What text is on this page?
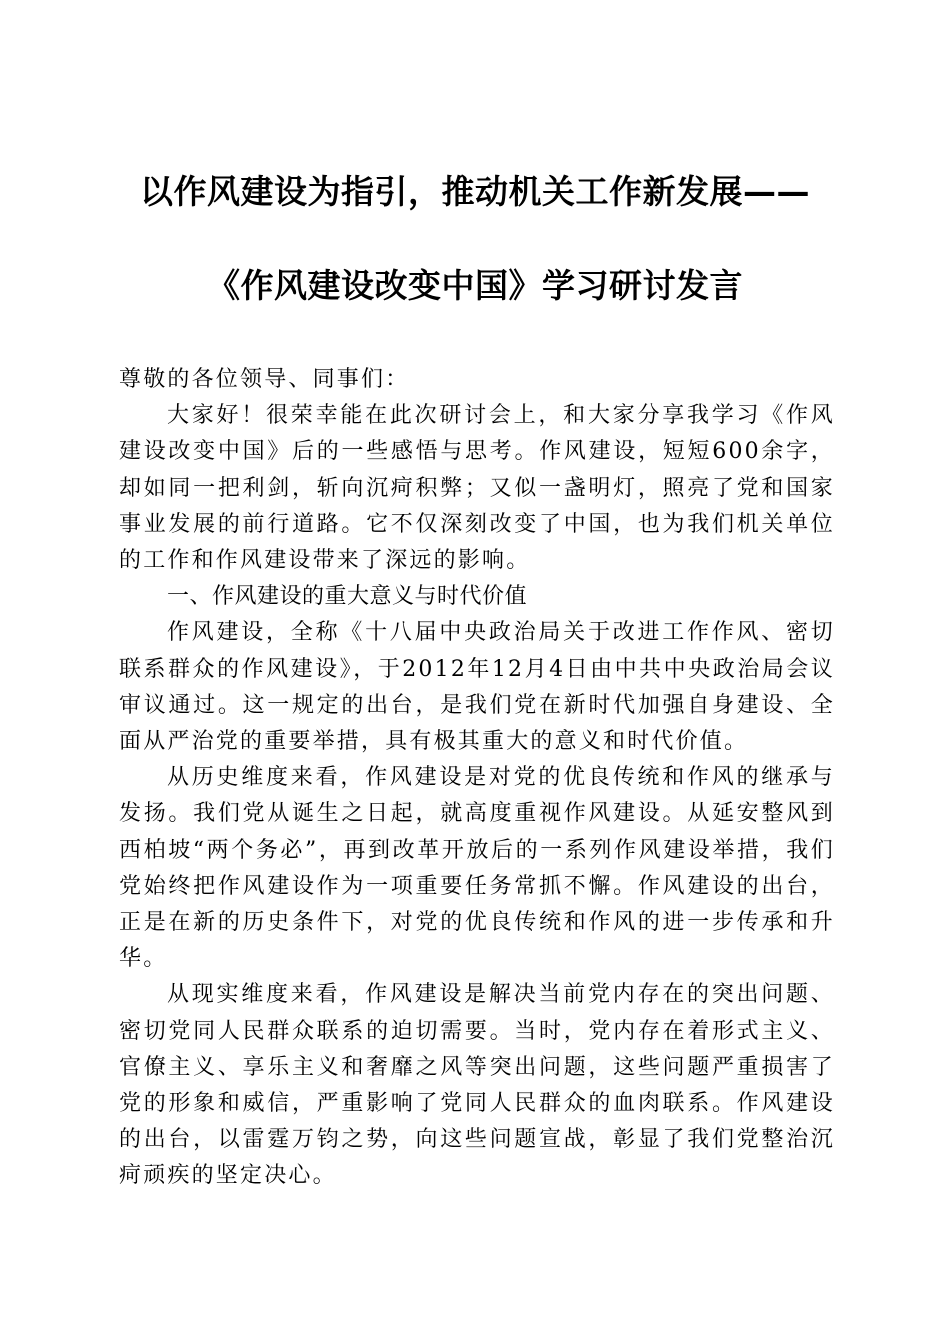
以作风建设为指引，推动机关工作新发展——
《作风建设改变中国》学习研讨发言

尊敬的各位领导、同事们：

大家好！很荣幸能在此次研讨会上，和大家分享我学习《作风建设改变中国》后的一些感悟与思考。作风建设，短短600余字，却如同一把利剑，斩向沉疴积弊；又似一盏明灯，照亮了党和国家事业发展的前行道路。它不仅深刻改变了中国，也为我们机关单位的工作和作风建设带来了深远的影响。

一、作风建设的重大意义与时代价值

作风建设，全称《十八届中央政治局关于改进工作作风、密切联系群众的作风建设》，于2012年12月4日由中共中央政治局会议审议通过。这一规定的出台，是我们党在新时代加强自身建设、全面从严治党的重要举措，具有极其重大的意义和时代价值。

从历史维度来看，作风建设是对党的优良传统和作风的继承与发扬。我们党从诞生之日起，就高度重视作风建设。从延安整风到西柏坡“两个务必”，再到改革开放后的一系列作风建设举措，我们党始终把作风建设作为一项重要任务常抓不懈。作风建设的出台，正是在新的历史条件下，对党的优良传统和作风的进一步传承和升华。

从现实维度来看，作风建设是解决当前党内存在的突出问题、密切党同人民群众联系的迫切需要。当时，党内存在着形式主义、官僚主义、享乐主义和奢靡之风等突出问题，这些问题严重损害了党的形象和威信，严重影响了党同人民群众的血肉联系。作风建设的出台，以雷霆万钧之势，向这些问题宣战，彰显了我们党整治沉疴顽疾的坚定决心。
